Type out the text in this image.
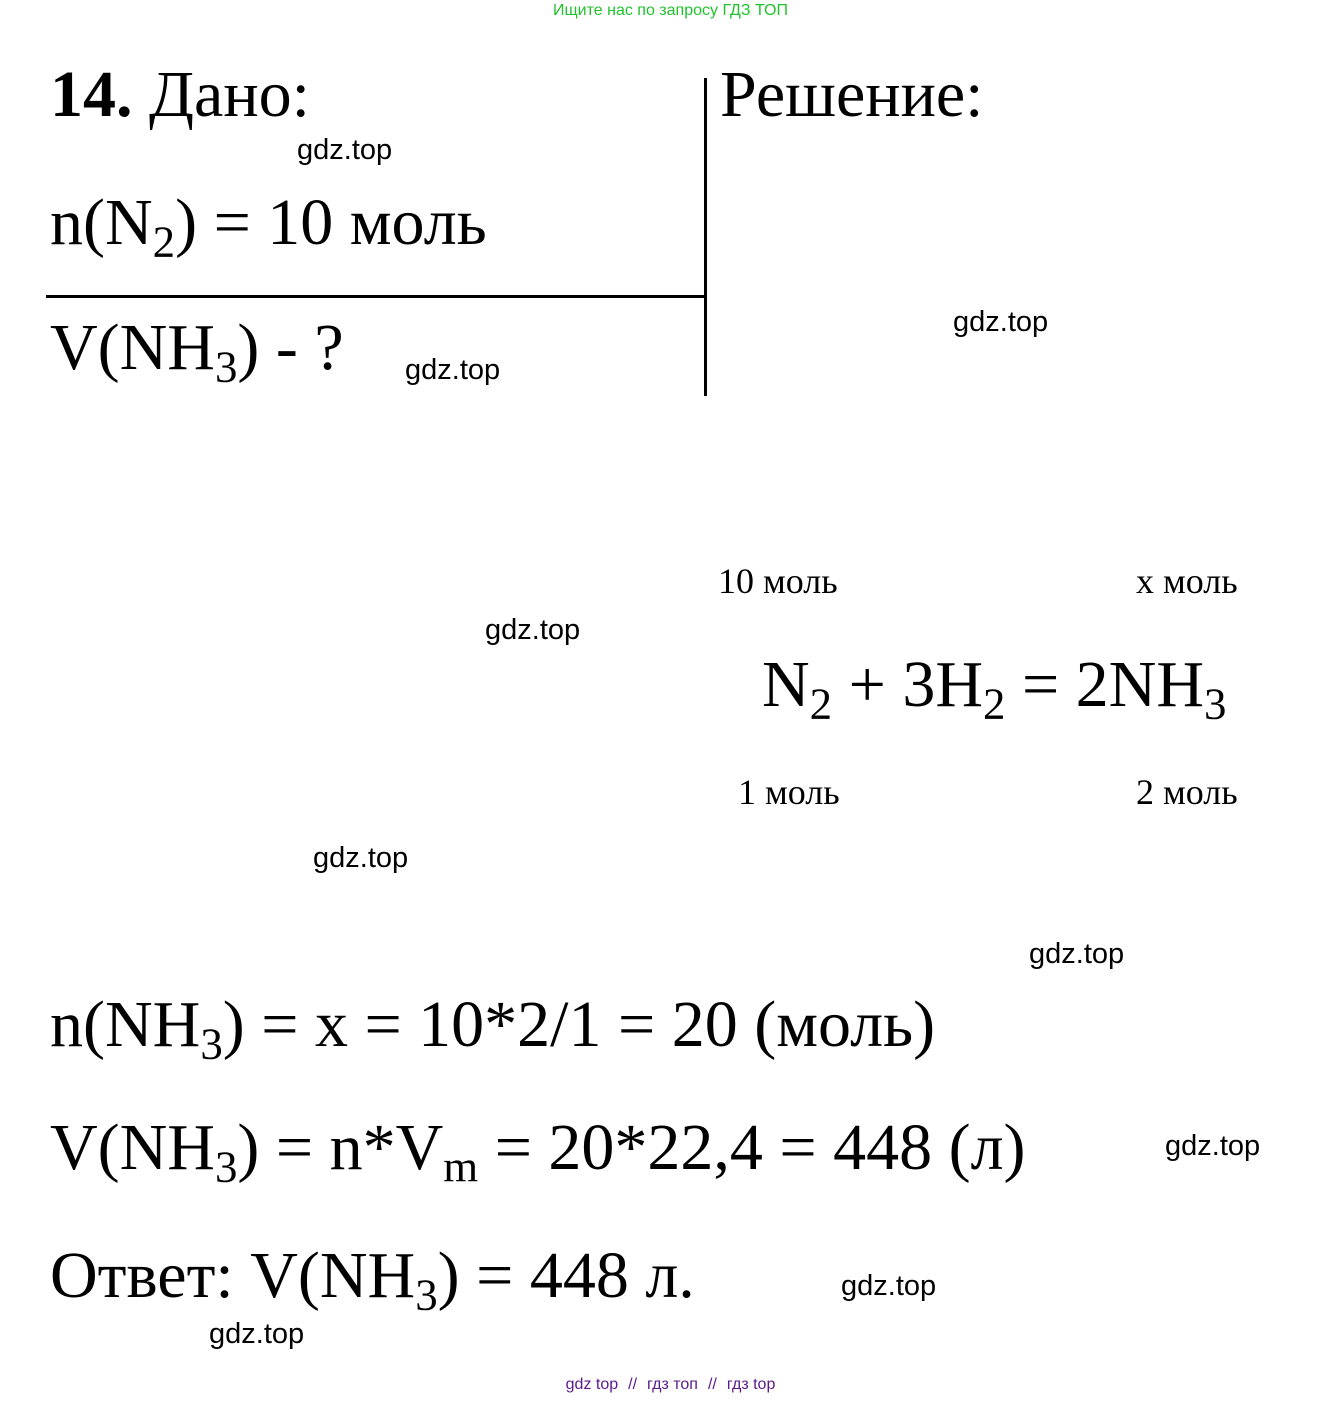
Ищите нас по запросу ГДЗ ТОП
14. Дано:	Решение:
$n(N_2) = 10$ моль
$V(NH_3)$ - ?
10 моль	x моль
$N_2 + 3H_2 = 2NH_3$
1 моль	2 моль
$n(NH_3) = x = 10*2/1 = 20$ (моль)
$V(NH_3) = n*V_m = 20*22,4 = 448$ (л)
Ответ: $V(NH_3) = 448$ л.
gdz.top
gdz.top
gdz.top
gdz.top
gdz.top
gdz.top
gdz.top
gdz.top
gdz.top
gdz top // гдз топ // гдз top
